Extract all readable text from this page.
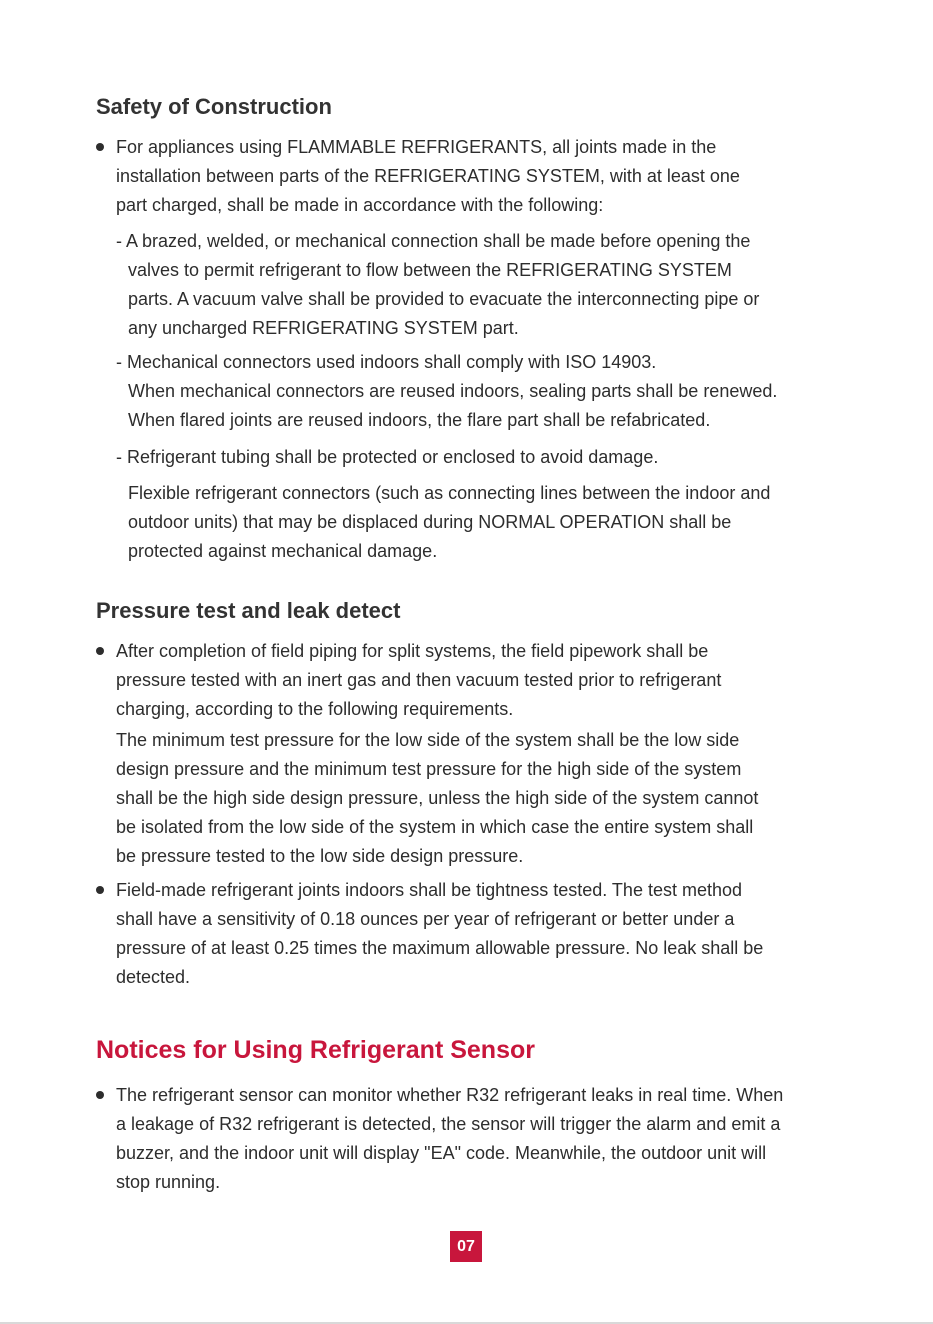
Safety of Construction
For appliances using FLAMMABLE REFRIGERANTS, all joints made in the
installation between parts of the REFRIGERATING SYSTEM, with at least one
part charged, shall be made in accordance with the following:
- A brazed, welded, or mechanical connection shall be made before opening the
valves to permit refrigerant to flow between the REFRIGERATING SYSTEM
parts. A vacuum valve shall be provided to evacuate the interconnecting pipe or
any uncharged REFRIGERATING SYSTEM part.
- Mechanical connectors used indoors shall comply with ISO 14903.
When mechanical connectors are reused indoors, sealing parts shall be renewed.
When flared joints are reused indoors, the flare part shall be refabricated.
- Refrigerant tubing shall be protected or enclosed to avoid damage.
Flexible refrigerant connectors (such as connecting lines between the indoor and
outdoor units) that may be displaced during NORMAL OPERATION shall be
protected against mechanical damage.
Pressure test and leak detect
After completion of field piping for split systems, the field pipework shall be
pressure tested with an inert gas and then vacuum tested prior to refrigerant
charging, according to the following requirements.
The minimum test pressure for the low side of the system shall be the low side
design pressure and the minimum test pressure for the high side of the system
shall be the high side design pressure, unless the high side of the system cannot
be isolated from the low side of the system in which case the entire system shall
be pressure tested to the low side design pressure.
Field-made refrigerant joints indoors shall be tightness tested. The test method
shall have a sensitivity of 0.18 ounces per year of refrigerant or better under a
pressure of at least 0.25 times the maximum allowable pressure. No leak shall be
detected.
Notices for Using Refrigerant Sensor
The refrigerant sensor can monitor whether R32 refrigerant leaks in real time. When
a leakage of R32 refrigerant is detected, the sensor will trigger the alarm and emit a
buzzer, and the indoor unit will display "EA" code. Meanwhile, the outdoor unit will
stop running.
07
